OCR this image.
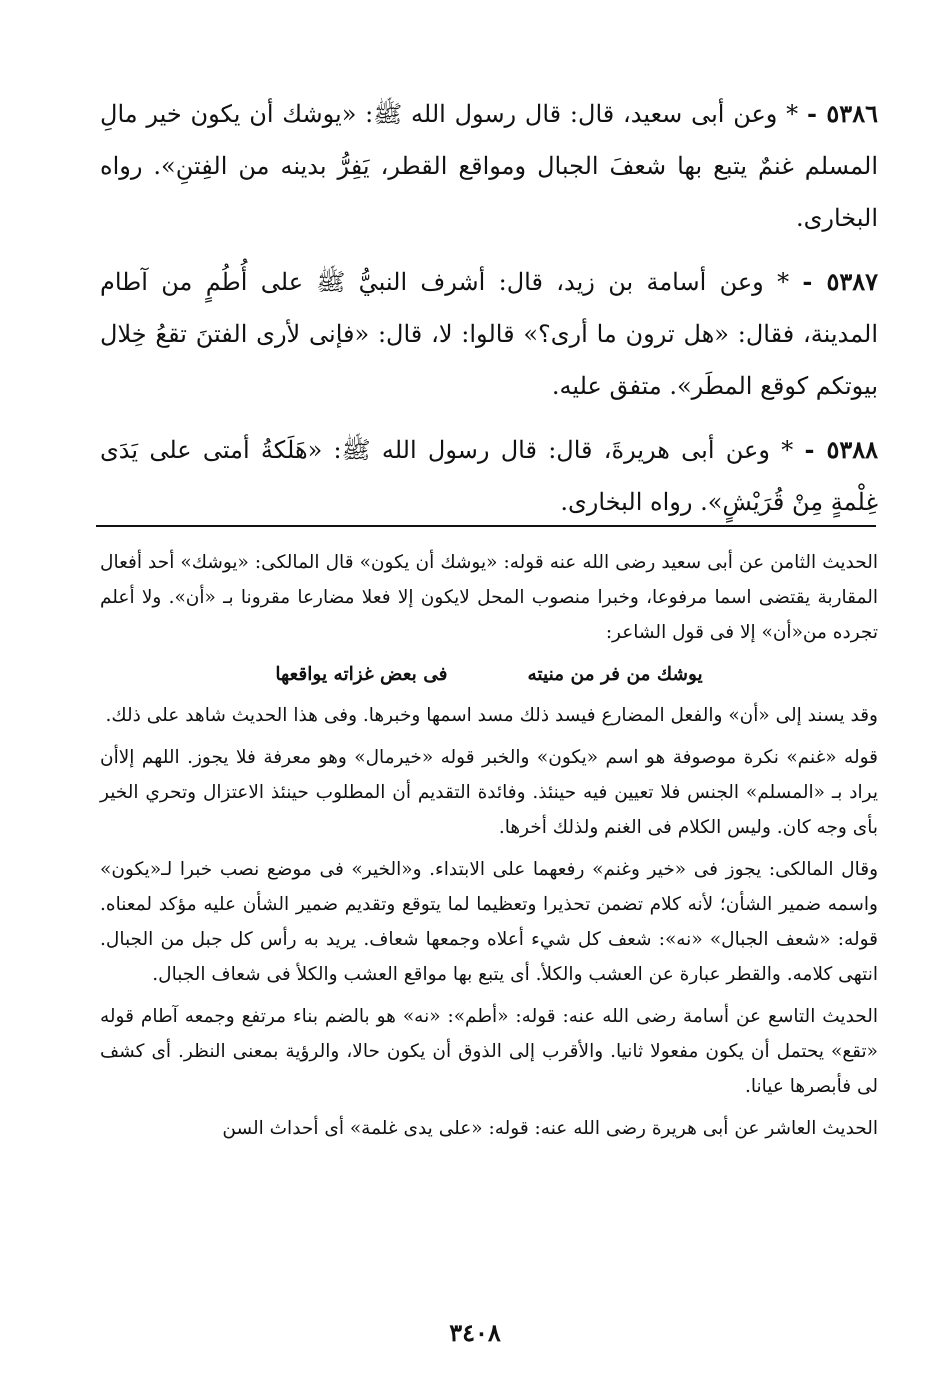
٥٣٨٦ - * وعن أبى سعيد، قال: قال رسول الله ﷺ: «يوشك أن يكون خير مالِ المسلم غنمٌ يتبع بها شعفَ الجبال ومواقع القطر، يَفِرُّ بدينه من الفِتنِ». رواه البخارى.

٥٣٨٧ - * وعن أسامة بن زيد، قال: أشرف النبيُّ ﷺ على أُطُمٍ من آطام المدينة، فقال: «هل ترون ما أرى؟» قالوا: لا، قال: «فإنى لأرى الفتنَ تقعُ خِلال بيوتكم كوقع المطَر». متفق عليه.

٥٣٨٨ - * وعن أبى هريرةَ، قال: قال رسول الله ﷺ: «هَلَكةُ أمتى على يَدَى غِلْمةٍ مِنْ قُرَيْشٍ». رواه البخارى.

الحديث الثامن عن أبى سعيد رضى الله عنه قوله: «يوشك أن يكون» قال المالكى: «يوشك» أحد أفعال المقاربة يقتضى اسما مرفوعا، وخبرا منصوب المحل لايكون إلا فعلا مضارعا مقرونا بـ «أن». ولا أعلم تجرده من«أن» إلا فى قول الشاعر:

يوشك من فر من منيته
فى بعض غزاته يواقعها

وقد يسند إلى «أن» والفعل المضارع فيسد ذلك مسد اسمها وخبرها. وفى هذا الحديث شاهد على ذلك.

قوله «غنم» نكرة موصوفة هو اسم «يكون» والخبر قوله «خيرمال» وهو معرفة فلا يجوز. اللهم إلاأن يراد بـ «المسلم» الجنس فلا تعيين فيه حينئذ. وفائدة التقديم أن المطلوب حينئذ الاعتزال وتحري الخير بأى وجه كان. وليس الكلام فى الغنم ولذلك أخرها.

وقال المالكى: يجوز فى «خير وغنم» رفعهما على الابتداء. و«الخير» فى موضع نصب خبرا لـ«يكون» واسمه ضمير الشأن؛ لأنه كلام تضمن تحذيرا وتعظيما لما يتوقع وتقديم ضمير الشأن عليه مؤكد لمعناه. قوله: «شعف الجبال» «نه»: شعف كل شيء أعلاه وجمعها شعاف. يريد به رأس كل جبل من الجبال. انتهى كلامه. والقطر عبارة عن العشب والكلأ. أى يتبع بها مواقع العشب والكلأ فى شعاف الجبال.

الحديث التاسع عن أسامة رضى الله عنه: قوله: «أطم»: «نه» هو بالضم بناء مرتفع وجمعه آطام قوله «تقع» يحتمل أن يكون مفعولا ثانيا. والأقرب إلى الذوق أن يكون حالا، والرؤية بمعنى النظر. أى كشف لى فأبصرها عيانا.

الحديث العاشر عن أبى هريرة رضى الله عنه: قوله: «على يدى غلمة» أى أحداث السن

٣٤٠٨
